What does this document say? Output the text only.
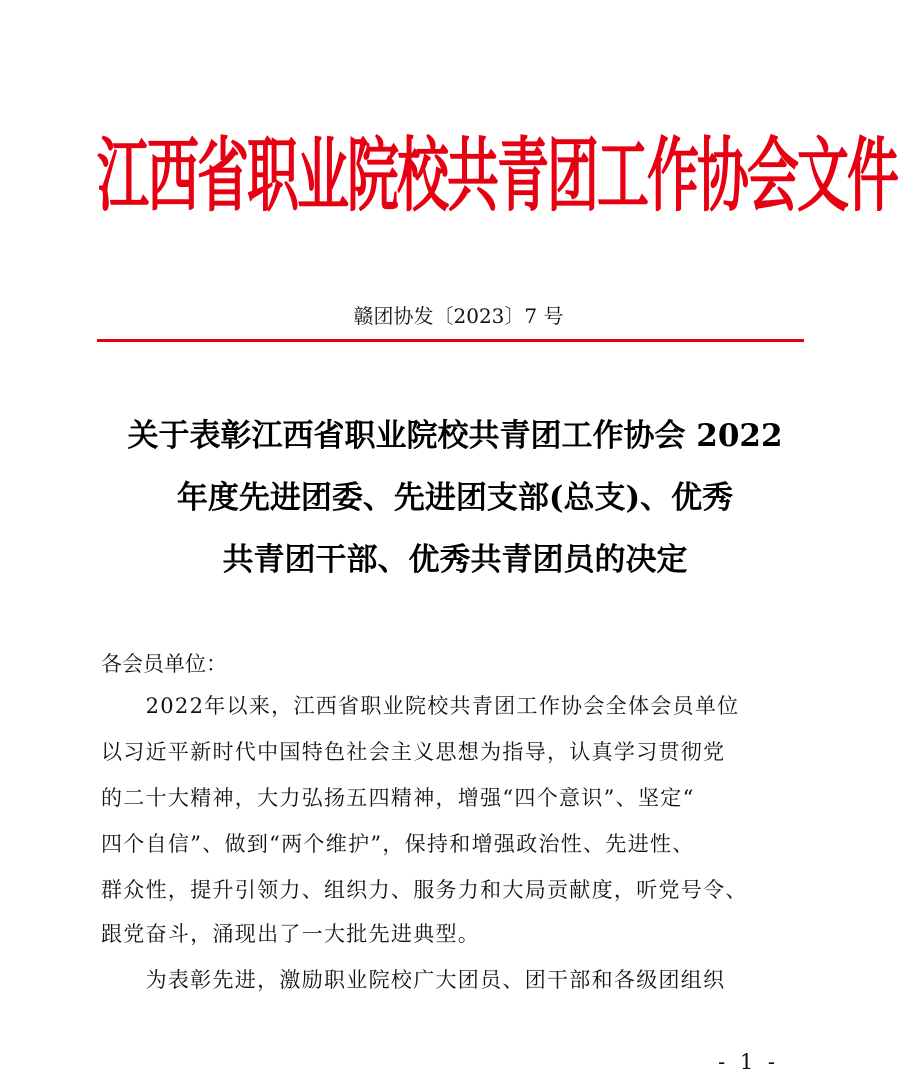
江西省职业院校共青团工作协会文件
赣团协发〔2023〕7 号
关于表彰江西省职业院校共青团工作协会 2022
年度先进团委、先进团支部(总支)、优秀
共青团干部、优秀共青团员的决定
各会员单位：
　　2022年以来，江西省职业院校共青团工作协会全体会员单位
以习近平新时代中国特色社会主义思想为指导，认真学习贯彻党
的二十大精神，大力弘扬五四精神，增强“四个意识”、坚定“
四个自信”、做到“两个维护”，保持和增强政治性、先进性、
群众性，提升引领力、组织力、服务力和大局贡献度，听党号令、
跟党奋斗，涌现出了一大批先进典型。
　　为表彰先进，激励职业院校广大团员、团干部和各级团组织
- 1 -
